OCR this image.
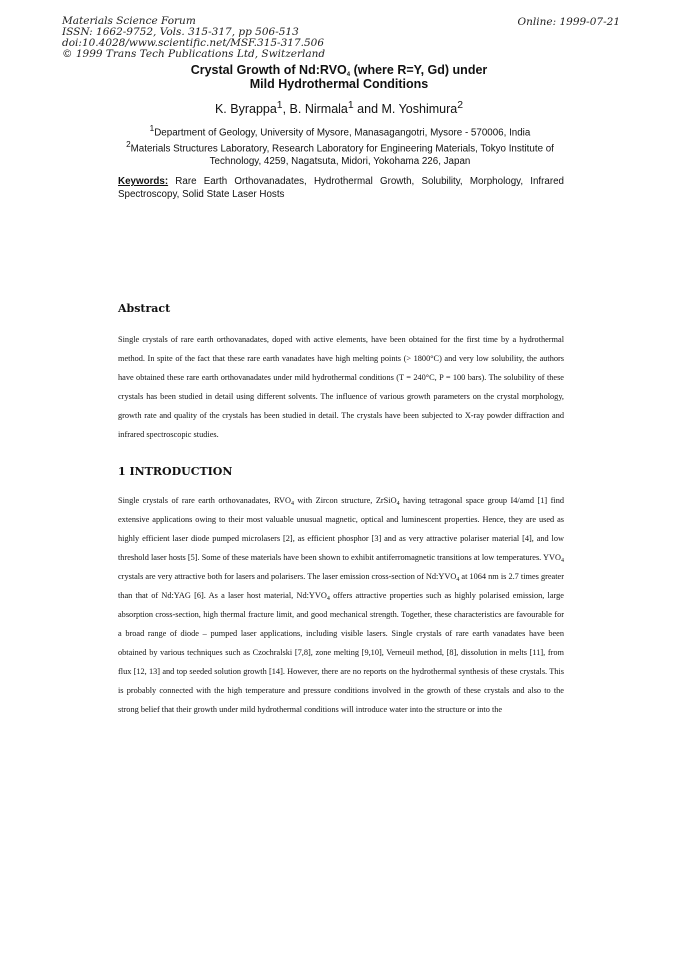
Materials Science Forum
ISSN: 1662-9752, Vols. 315-317, pp 506-513
doi:10.4028/www.scientific.net/MSF.315-317.506
© 1999 Trans Tech Publications Ltd, Switzerland
Online: 1999-07-21
Crystal Growth of $Nd:RVO_4$ (where R=Y, Gd) under
Mild Hydrothermal Conditions
K. Byrappa$^1$, B. Nirmala$^1$ and M. Yoshimura$^2$
$^1$Department of Geology, University of Mysore, Manasagangotri, Mysore - 570006, India
$^2$Materials Structures Laboratory, Research Laboratory for Engineering Materials, Tokyo Institute of Technology, 4259, Nagatsuta, Midori, Yokohama 226, Japan
Keywords: Rare Earth Orthovanadates, Hydrothermal Growth, Solubility, Morphology, Infrared Spectroscopy, Solid State Laser Hosts
Abstract
Single crystals of rare earth orthovanadates, doped with active elements, have been obtained for the first time by a hydrothermal method. In spite of the fact that these rare earth vanadates have high melting points (> 1800°C) and very low solubility, the authors have obtained these rare earth orthovanadates under mild hydrothermal conditions (T = 240°C, P = 100 bars). The solubility of these crystals has been studied in detail using different solvents. The influence of various growth parameters on the crystal morphology, growth rate and quality of the crystals has been studied in detail. The crystals have been subjected to X-ray powder diffraction and infrared spectroscopic studies.
1 INTRODUCTION
Single crystals of rare earth orthovanadates, $RVO_4$ with Zircon structure, ZrSiO$_4$ having tetragonal space group I4/amd [1] find extensive applications owing to their most valuable unusual magnetic, optical and luminescent properties. Hence, they are used as highly efficient laser diode pumped microlasers [2], as efficient phosphor [3] and as very attractive polariser material [4], and low threshold laser hosts [5]. Some of these materials have been shown to exhibit antiferromagnetic transitions at low temperatures. $YVO_4$ crystals are very attractive both for lasers and polarisers. The laser emission cross-section of $Nd:YVO_4$ at 1064 nm is 2.7 times greater than that of Nd:YAG [6]. As a laser host material, $Nd:YVO_4$ offers attractive properties such as highly polarised emission, large absorption cross-section, high thermal fracture limit, and good mechanical strength. Together, these characteristics are favourable for a broad range of diode – pumped laser applications, including visible lasers. Single crystals of rare earth vanadates have been obtained by various techniques such as Czochralski [7,8], zone melting [9,10], Verneuil method, [8], dissolution in melts [11], from flux [12, 13] and top seeded solution growth [14]. However, there are no reports on the hydrothermal synthesis of these crystals. This is probably connected with the high temperature and pressure conditions involved in the growth of these crystals and also to the strong belief that their growth under mild hydrothermal conditions will introduce water into the structure or into the
